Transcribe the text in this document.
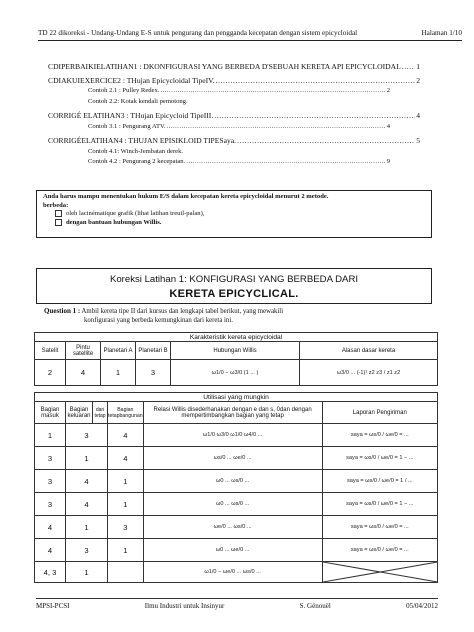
TD 22 dikoreksi - Undang-Undang E-S untuk pengurang dan pengganda kecepatan dengan sistem epicycloidal	Halaman 1/10
CDIPERBAIKIELATIHAN1 : DKONFIGURASI YANG BERBEDA D'SEBUAH KERETA API EPICYCLOIDAL ..... 1
CDIAKUIEXERCICE2 : THujan Epicycloidal TipeIV. .....	2
Contoh 2.1 : Pulley Redex. .....	2
Contoh 2.2: Kotak kendali pemotong.
CORRIGÉ ELATIHAN3 : THujan Epicycloid TipeIII. .....	4
Contoh 3.1 : Pengurang ATV. .....	4
CORRIGÉELATIHAN4 : THUJAN EPISIKLOID TIPESaya. .....	5
Contoh 4.1: Winch-Jembatan derek.
Contoh 4.2 : Pengurang 2 kecepatan. .....	9
Anda harus mampu menentukan hukum E/S dalam kecepatan kereta epicycloidal menurut 2 metode.
berbeda:
oleh lacinématique grafik (lihat latihan treuil-palan),
dengan bantuan hubungan Willis.
Koreksi Latihan 1: KONFIGURASI YANG BERBEDA DARI
KERETA EPICYCLICAL.
Question 1 : Ambil kereta tipe II dari kursus dan lengkapi tabel berikut, yang mewakili
konfigurasi yang berbeda kemungkinan dari kereta ini.
Karakteristik kereta epicycloidal					
Satelit	Pintu satellite	Planetari A	Planetari B	Hubungan Willis	Alasan dasar kereta
2	4	1	3	ω1/0 − ω3/0 (1 ... )	ω3/0 ... (-1)¹ z2 z3 / z1 z2
Utilisasi yang mungkin					
Bagian masuk	Bagian keluaran	dari tetap	Bagian tetapbangunan	Relasi Willis disederhanakan dengan e dan s, 0dan dengan mempertimbangkan bagian yang tetap	Laporan Pengiriman
1	3		4	ω1/0 ω3/0 ω1/0 ω4/0 ...	saya = ωs/0 / ωe/0 = ...
3	1		4	ωs/0 ... ωe/0 ...	saya = ωs/0 / ωe/0 = 1 − ...
3	4		1	ω0 ... ωs/0 ...	saya = ωs/0 / ωe/0 = 1 / ...
3	4		1	ω0 ... ωs/0 ...	saya = ωs/0 / ωe/0 = 1 − ...
4	1		3	ωe/0 ... ωs/0 ...	saya = ωs/0 / ωe/0 = ...
4	3		1	ω0 ... ωe/0 ...	saya = ωs/0 / ωe/0 = ...
4, 3	1			ω1/0 − ωe/0 ... ωs/0 ...	
MPSI-PCSI	Ilmu Industri untuk Insinyur	S. Génouël	05/04/2012
